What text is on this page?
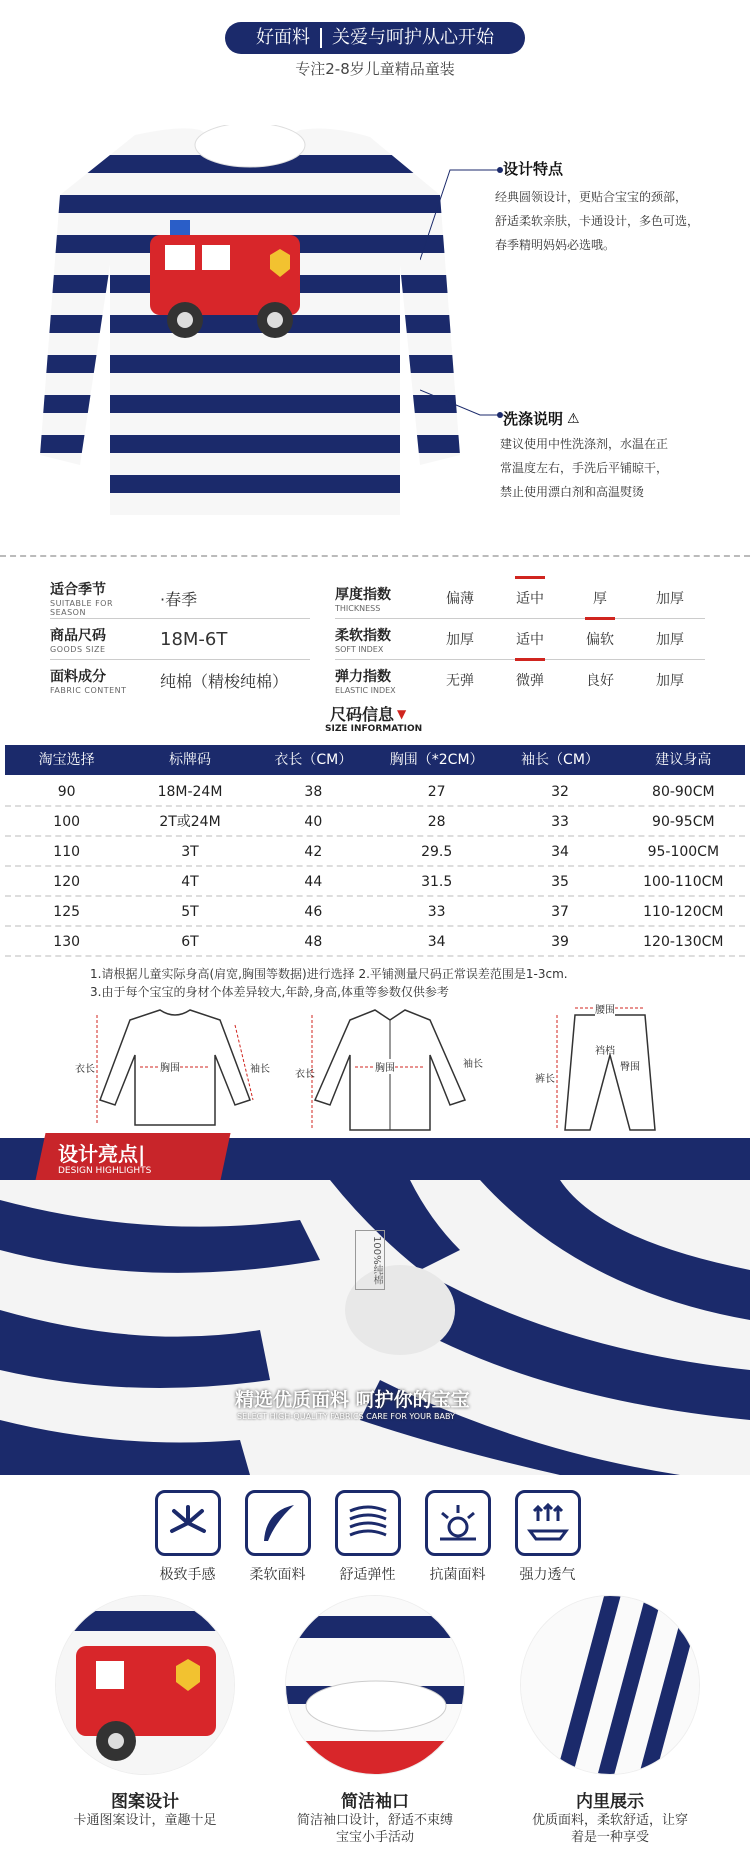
好面料 关爱与呵护从心开始
专注2-8岁儿童精品童装
设计特点
经典圆领设计，更贴合宝宝的颈部，
舒适柔软亲肤，卡通设计，多色可选，
春季精明妈妈必选哦。
洗涤说明 ⚠
建议使用中性洗涤剂，水温在正
常温度左右，手洗后平铺晾干，
禁止使用漂白剂和高温熨烫
适合季节
SUITABLE FOR SEASON
·春季
商品尺码
GOODS SIZE	18M-6T
面料成分
FABRIC CONTENT	纯棉（精梭纯棉）
厚度指数
THICKNESS
偏薄	适中	厚	加厚
柔软指数
SOFT INDEX
加厚	适中	偏软	加厚
弹力指数
ELASTIC INDEX
无弹	微弹	良好	加厚
尺码信息 ▼
SIZE INFORMATION
淘宝选择	标牌码	衣长（CM）	胸围（*2CM）	袖长（CM）	建议身高
90	18M-24M	38	27	32	80-90CM
100	2T或24M	40	28	33	90-95CM
110	3T	42	29.5	34	95-100CM
120	4T	44	31.5	35	100-110CM
125	5T	46	33	37	110-120CM
130	6T	48	34	39	120-130CM
1.请根据儿童实际身高(肩宽,胸围等数据)进行选择 2.平铺测量尺码正常误差范围是1-3cm.
3.由于每个宝宝的身材个体差异较大,年龄,身高,体重等参数仅供参考
衣长	胸围	袖长	衣长
胸围	袖长
腰围
裆档
臀围
裤长
设计亮点|
DESIGN HIGHLIGHTS
100%纯棉
精选优质面料 呵护你的宝宝
SELECT HIGH-QUALITY FABRICS CARE FOR YOUR BABY
极致手感	柔软面料	舒适弹性	抗菌面料	强力透气
图案设计
卡通图案设计，童趣十足
简洁袖口
简洁袖口设计，舒适不束缚
宝宝小手活动
内里展示
优质面料，柔软舒适，让穿
着是一种享受
